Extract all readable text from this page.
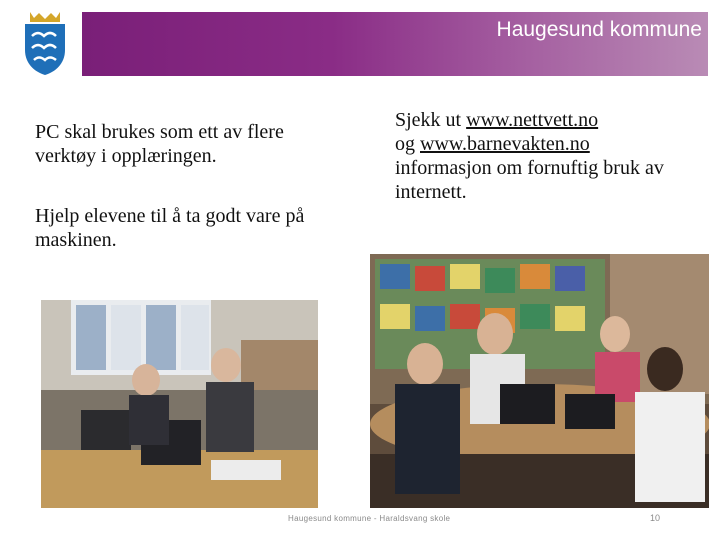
Haugesund kommune

PC skal brukes som ett av flere verktøy i opplæringen.

Hjelp elevene til å ta godt vare på maskinen.

Sjekk ut www.nettvett.no
og www.barnevakten.no
informasjon om fornuftig bruk av internett.
Haugesund kommune - Haraldsvang skole	10
